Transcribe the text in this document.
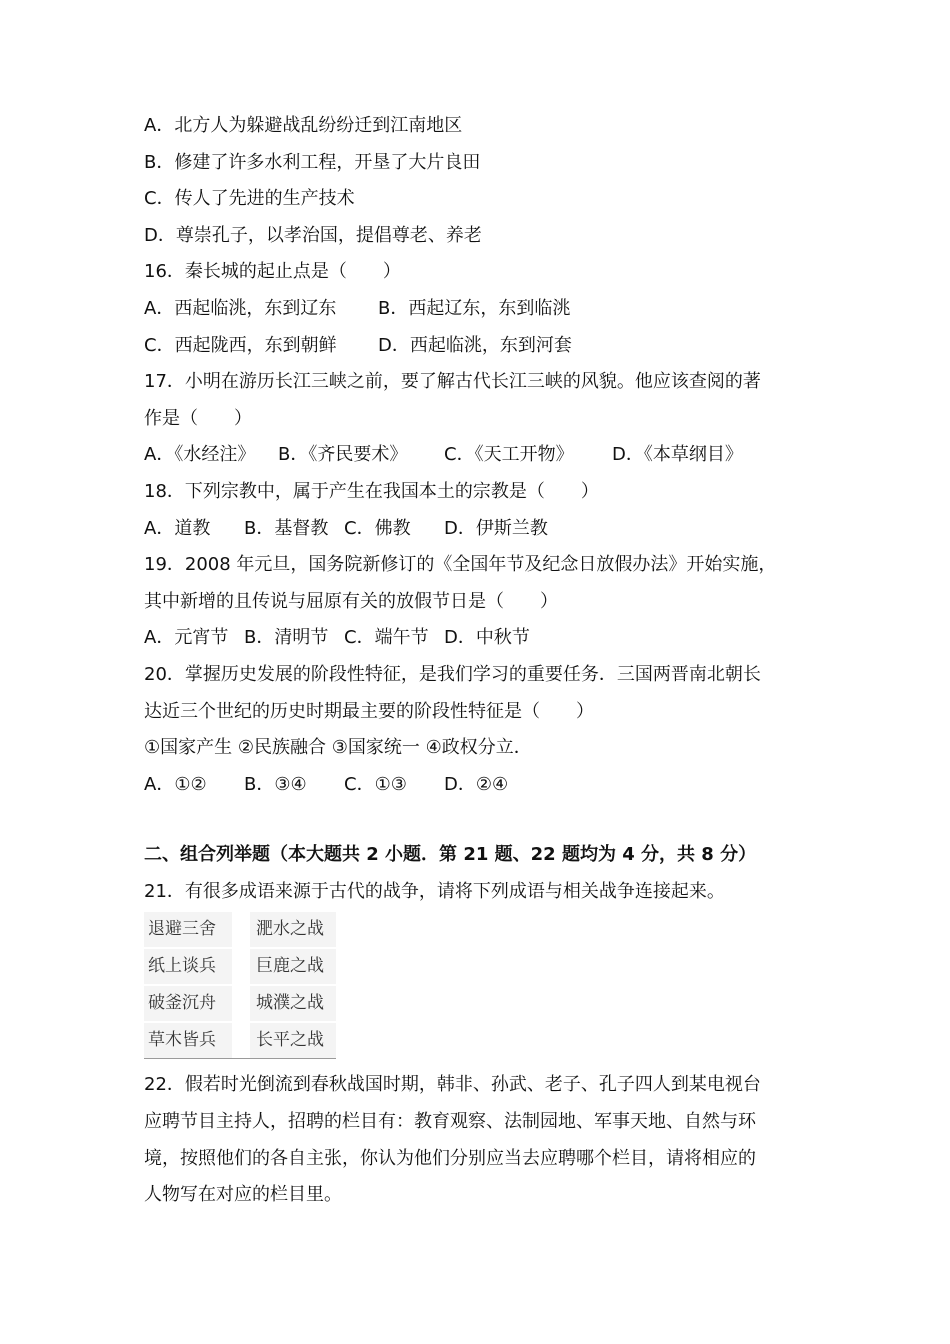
A．北方人为躲避战乱纷纷迁到江南地区
B．修建了许多水利工程，开垦了大片良田
C．传人了先进的生产技术
D．尊崇孔子，以孝治国，提倡尊老、养老
16．秦长城的起止点是（　　）
A．西起临洮，东到辽东 B．西起辽东，东到临洮
C．西起陇西，东到朝鲜 D．西起临洮，东到河套
17．小明在游历长江三峡之前，要了解古代长江三峡的风貌。他应该查阅的著
作是（　　）
A．《水经注》 B．《齐民要术》 C．《天工开物》 D．《本草纲目》
18．下列宗教中，属于产生在我国本土的宗教是（　　）
A．道教 B．基督教 C．佛教 D．伊斯兰教
19．2008 年元旦，国务院新修订的《全国年节及纪念日放假办法》开始实施，
其中新增的且传说与屈原有关的放假节日是（　　）
A．元宵节 B．清明节 C．端午节 D．中秋节
20．掌握历史发展的阶段性特征，是我们学习的重要任务．三国两晋南北朝长
达近三个世纪的历史时期最主要的阶段性特征是（　　）
①国家产生 ②民族融合 ③国家统一 ④政权分立．
A．①② B．③④ C．①③ D．②④
二、组合列举题（本大题共 2 小题．第 21 题、22 题均为 4 分，共 8 分）
21．有很多成语来源于古代的战争，请将下列成语与相关战争连接起来。
退避三舍		淝水之战
纸上谈兵		巨鹿之战
破釜沉舟		城濮之战
草木皆兵		长平之战
22．假若时光倒流到春秋战国时期，韩非、孙武、老子、孔子四人到某电视台
应聘节目主持人，招聘的栏目有：教育观察、法制园地、军事天地、自然与环
境，按照他们的各自主张，你认为他们分别应当去应聘哪个栏目，请将相应的
人物写在对应的栏目里。
